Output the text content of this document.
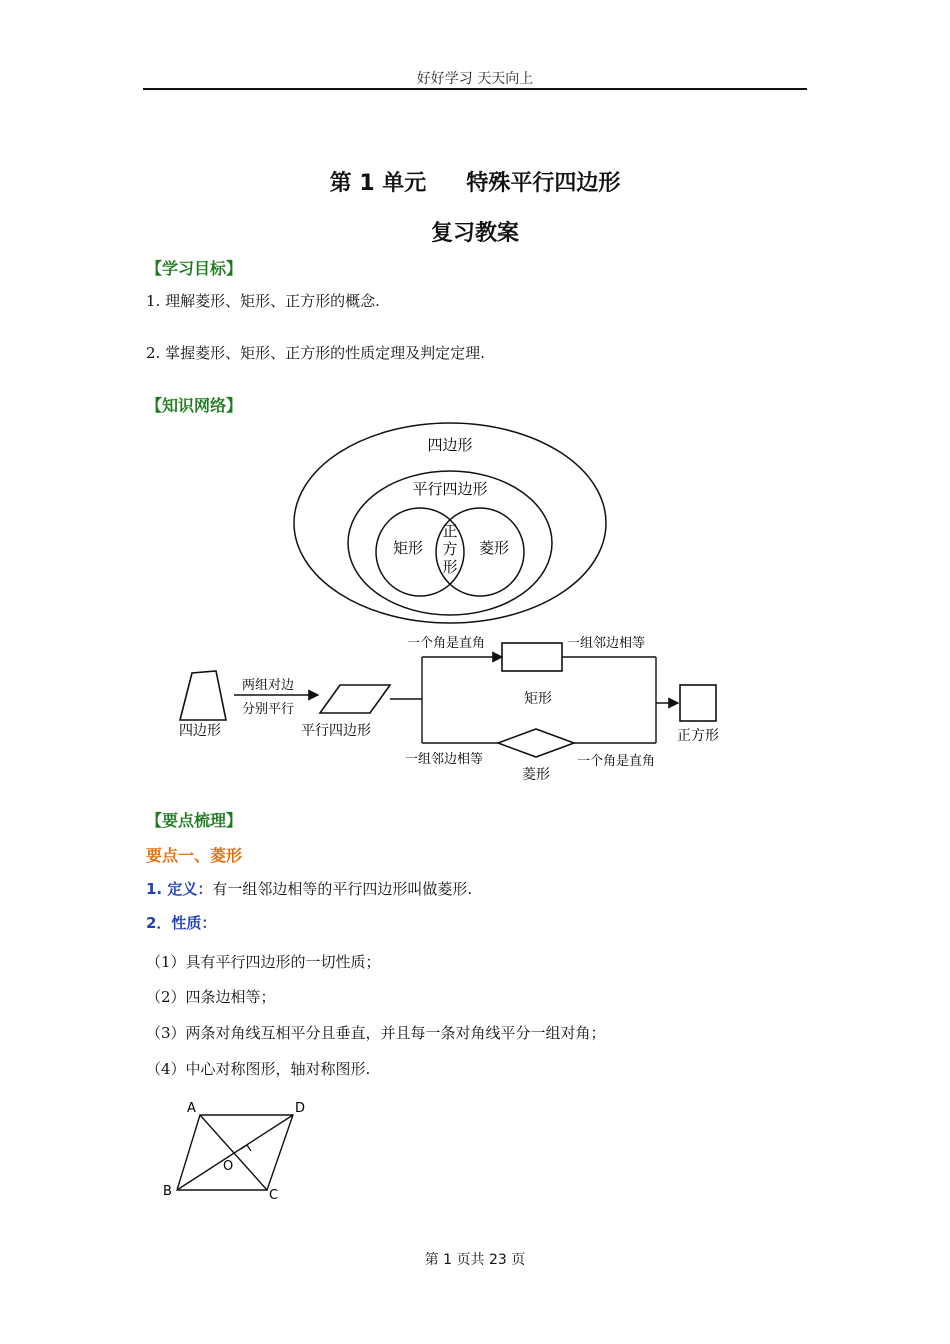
好好学习 天天向上
第 1 单元 特殊平行四边形
复习教案
【学习目标】
1. 理解菱形、矩形、正方形的概念.
2. 掌握菱形、矩形、正方形的性质定理及判定定理.
【知识网络】
四边形
平行四边形
矩形	菱形
正
方
形
四边形
两组对边
分别平行
平行四边形
一个角是直角
矩形
一组邻边相等
一组邻边相等
菱形
一个角是直角
正方形
【要点梳理】
要点一、菱形
1. 定义：有一组邻边相等的平行四边形叫做菱形.
2．性质：
（1）具有平行四边形的一切性质；
（2）四条边相等；
（3）两条对角线互相平分且垂直，并且每一条对角线平分一组对角；
（4）中心对称图形，轴对称图形.
A
B	C
D
O
第 1 页共 23 页
